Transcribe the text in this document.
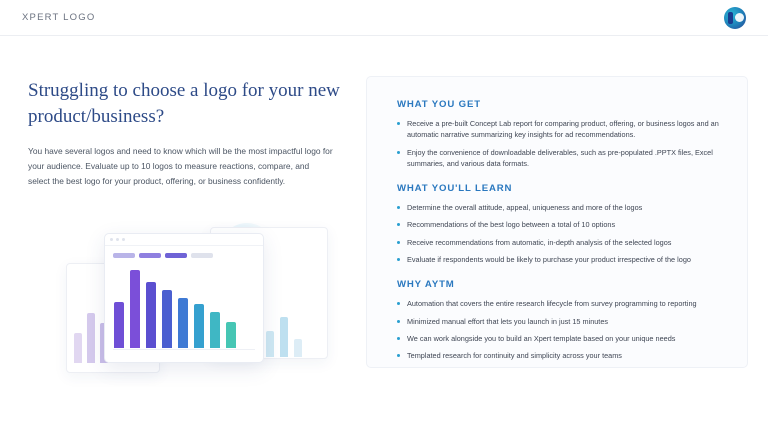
XPERT LOGO
Struggling to choose a logo for your new product/business?

You have several logos and need to know which will be the most impactful logo for your audience. Evaluate up to 10 logos to measure reactions, compare, and select the best logo for your product, offering, or business confidently.

WHAT YOU GET
Receive a pre-built Concept Lab report for comparing product, offering, or business logos and an automatic narrative summarizing key insights for ad recommendations.
Enjoy the convenience of downloadable deliverables, such as pre-populated .PPTX files, Excel summaries, and various data formats.
WHAT YOU'LL LEARN
Determine the overall attitude, appeal, uniqueness and more of the logos
Recommendations of the best logo between a total of 10 options
Receive recommendations from automatic, in-depth analysis of the selected logos
Evaluate if respondents would be likely to purchase your product irrespective of the logo
WHY AYTM
Automation that covers the entire research lifecycle from survey programming to reporting
Minimized manual effort that lets you launch in just 15 minutes
We can work alongside you to build an Xpert template based on your unique needs
Templated research for continuity and simplicity across your teams
